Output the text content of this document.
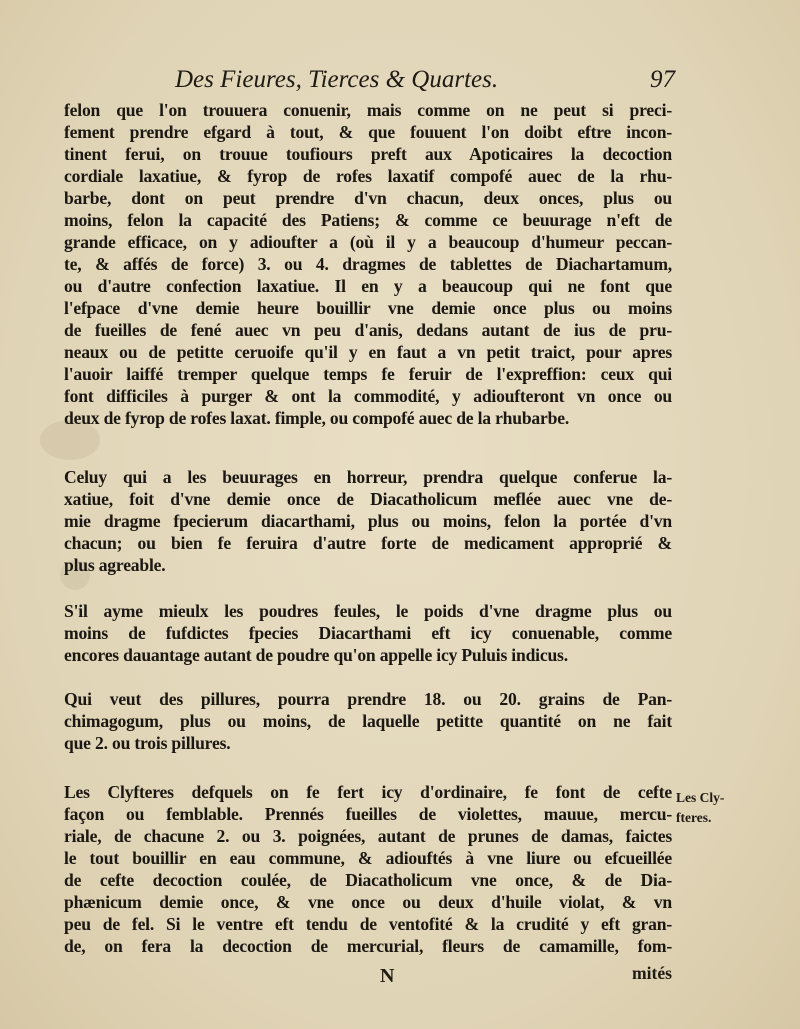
Des Fieures, Tierces & Quartes.	97
felon que l'on trouuera conuenir, mais comme on ne peut si preci-
fement prendre efgard à tout, & que fouuent l'on doibt eftre incon-
tinent ferui, on trouue toufiours preft aux Apoticaires la decoction
cordiale laxatiue, & fyrop de rofes laxatif compofé auec de la rhu-
barbe, dont on peut prendre d'vn chacun, deux onces, plus ou
moins, felon la capacité des Patiens; & comme ce beuurage n'eft de
grande efficace, on y adioufter a (où il y a beaucoup d'humeur peccan-
te, & affés de force) 3. ou 4. dragmes de tablettes de Diachartamum,
ou d'autre confection laxatiue. Il en y a beaucoup qui ne font que
l'efpace d'vne demie heure bouillir vne demie once plus ou moins
de fueilles de fené auec vn peu d'anis, dedans autant de ius de pru-
neaux ou de petitte ceruoife qu'il y en faut a vn petit traict, pour apres
l'auoir laiffé tremper quelque temps fe feruir de l'expreffion: ceux qui
font difficiles à purger & ont la commodité, y adioufteront vn once ou
deux de fyrop de rofes laxat. fimple, ou compofé auec de la rhubarbe.
Celuy qui a les beuurages en horreur, prendra quelque conferue la-
xatiue, foit d'vne demie once de Diacatholicum meflée auec vne de-
mie dragme fpecierum diacarthami, plus ou moins, felon la portée d'vn
chacun; ou bien fe feruira d'autre forte de medicament approprié &
plus agreable.
S'il ayme mieulx les poudres feules, le poids d'vne dragme plus ou
moins de fufdictes fpecies Diacarthami eft icy conuenable, comme
encores dauantage autant de poudre qu'on appelle icy Puluis indicus.
Qui veut des pillures, pourra prendre 18. ou 20. grains de Pan-
chimagogum, plus ou moins, de laquelle petitte quantité on ne fait
que 2. ou trois pillures.
Les Clyfteres defquels on fe fert icy d'ordinaire, fe font de cefte
façon ou femblable. Prennés fueilles de violettes, mauue, mercu-
riale, de chacune 2. ou 3. poignées, autant de prunes de damas, faictes
le tout bouillir en eau commune, & adiouftés à vne liure ou efcueillée
de cefte decoction coulée, de Diacatholicum vne once, & de Dia-
phænicum demie once, & vne once ou deux d'huile violat, & vn
peu de fel. Si le ventre eft tendu de ventofité & la crudité y eft gran-
de, on fera la decoction de mercurial, fleurs de camamille, fom-
Les Cly-
fteres.
N	mités
